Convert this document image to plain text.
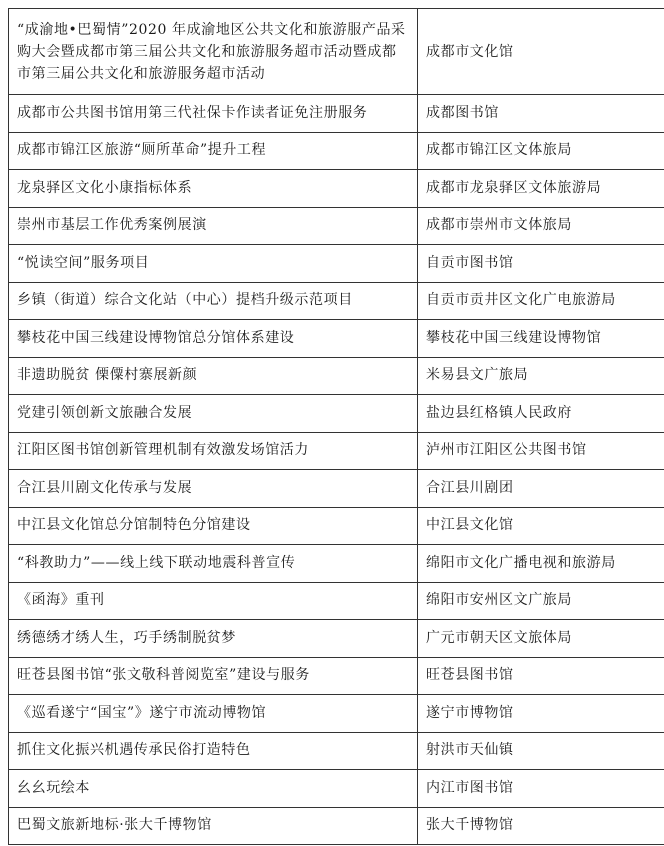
“成渝地•巴蜀情”2020 年成渝地区公共文化和旅游服产品采购大会暨成都市第三届公共文化和旅游服务超市活动暨成都市第三届公共文化和旅游服务超市活动	成都市文化馆
成都市公共图书馆用第三代社保卡作读者证免注册服务	成都图书馆
成都市锦江区旅游“厕所革命”提升工程	成都市锦江区文体旅局
龙泉驿区文化小康指标体系	成都市龙泉驿区文体旅游局
崇州市基层工作优秀案例展演	成都市崇州市文体旅局
“悦读空间”服务项目	自贡市图书馆
乡镇（街道）综合文化站（中心）提档升级示范项目	自贡市贡井区文化广电旅游局
攀枝花中国三线建设博物馆总分馆体系建设	攀枝花中国三线建设博物馆
非遗助脱贫 傈僳村寨展新颜	米易县文广旅局
党建引领创新文旅融合发展	盐边县红格镇人民政府
江阳区图书馆创新管理机制有效激发场馆活力	泸州市江阳区公共图书馆
合江县川剧文化传承与发展	合江县川剧团
中江县文化馆总分馆制特色分馆建设	中江县文化馆
“科教助力”——线上线下联动地震科普宣传	绵阳市文化广播电视和旅游局
《函海》重刊	绵阳市安州区文广旅局
绣德绣才绣人生，巧手绣制脱贫梦	广元市朝天区文旅体局
旺苍县图书馆“张文敬科普阅览室”建设与服务	旺苍县图书馆
《巡看遂宁“国宝”》遂宁市流动博物馆	遂宁市博物馆
抓住文化振兴机遇传承民俗打造特色	射洪市天仙镇
幺幺玩绘本	内江市图书馆
巴蜀文旅新地标·张大千博物馆	张大千博物馆
